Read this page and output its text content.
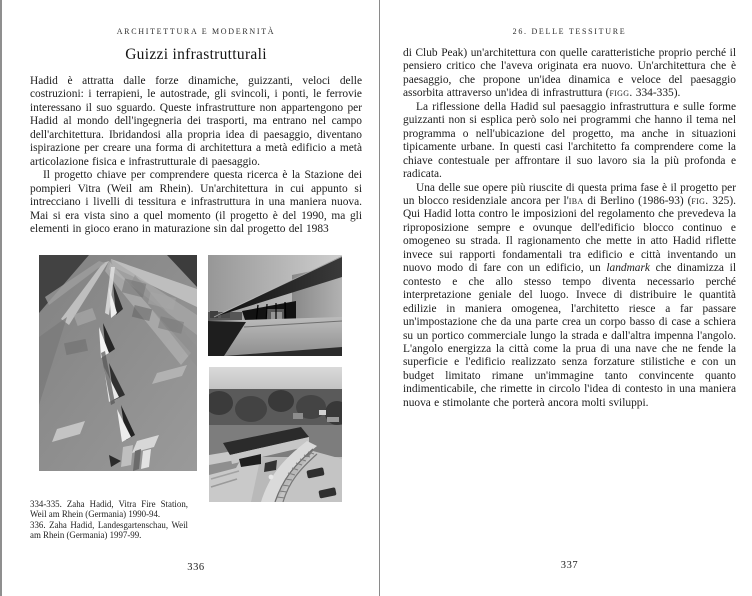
ARCHITETTURA E MODERNITÀ
Guizzi infrastrutturali

Hadid è attratta dalle forze dinamiche, guizzanti, veloci delle costruzioni: i terrapieni, le autostrade, gli svincoli, i ponti, le ferrovie interessano il suo sguardo. Queste infrastrutture non appartengono per Hadid al mondo dell'ingegneria dei trasporti, ma entrano nel campo dell'architettura. Ibridandosi alla propria idea di paesaggio, diventano ispirazione per creare una forma di architettura a metà edificio a metà articolazione fisica e infrastrutturale di paesaggio.

Il progetto chiave per comprendere questa ricerca è la Stazione dei pompieri Vitra (Weil am Rhein). Un'architettura in cui appunto si intrecciano i livelli di tessitura e infrastruttura in una maniera nuova. Mai si era vista sino a quel momento (il progetto è del 1990, ma gli elementi in gioco erano in maturazione sin dal progetto del 1983

334-335. Zaha Hadid, Vitra Fire Station, Weil am Rhein (Germania) 1990-94.

336. Zaha Hadid, Landesgartenschau, Weil am Rhein (Germania) 1997-99.

336
26. DELLE TESSITURE

di Club Peak) un'architettura con quelle caratteristiche proprio perché il pensiero critico che l'aveva originata era nuovo. Un'architettura che è paesaggio, che propone un'idea dinamica e veloce del paesaggio assorbita attraverso un'idea di infrastruttura (figg. 334-335).

La riflessione della Hadid sul paesaggio infrastruttura e sulle forme guizzanti non si esplica però solo nei programmi che hanno il tema nel programma o nell'ubicazione del progetto, ma anche in situazioni tipicamente urbane. In questi casi l'architetto fa comprendere come la chiave contestuale per affrontare il suo lavoro sia la più profonda e radicata.

Una delle sue opere più riuscite di questa prima fase è il progetto per un blocco residenziale ancora per l'iba di Berlino (1986-93) (fig. 325). Qui Hadid lotta contro le imposizioni del regolamento che prevedeva la riproposizione sempre e ovunque dell'edificio blocco continuo e omogeneo su strada. Il ragionamento che mette in atto Hadid riflette invece sui rapporti fondamentali tra edificio e città inventando un nuovo modo di fare con un edificio, un landmark che dinamizza il contesto e che allo stesso tempo diventa necessario perché interpretazione geniale del luogo. Invece di distribuire le quantità edilizie in maniera omogenea, l'architetto riesce a far passare un'impostazione che da una parte crea un corpo basso di case a schiera su un portico commerciale lungo la strada e dall'altra impenna l'angolo. L'angolo energizza la città come la prua di una nave che ne fende la superficie e l'edificio realizzato senza forzature stilistiche e con un budget limitato rimane un'immagine tanto convincente quanto indimenticabile, che rimette in circolo l'idea di contesto in una maniera nuova e stimolante che porterà ancora molti sviluppi.

337
